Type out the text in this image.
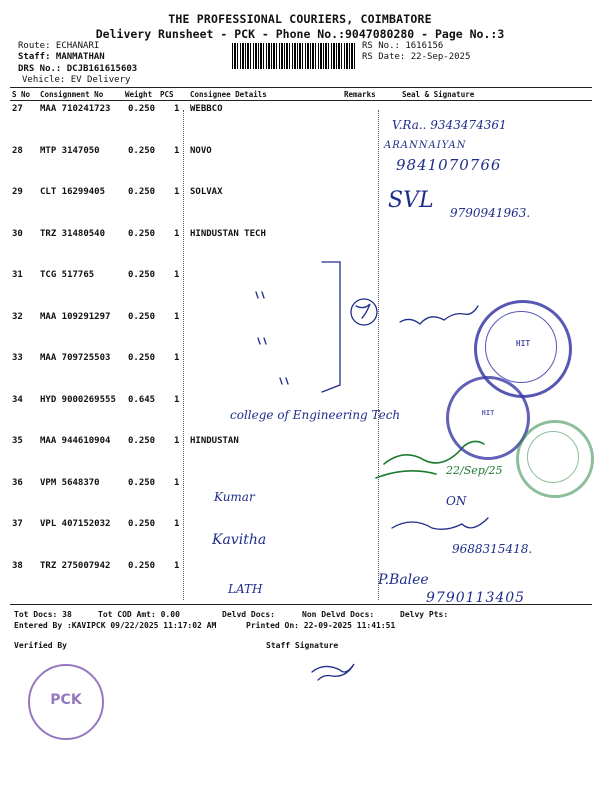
THE PROFESSIONAL COURIERS, COIMBATORE
Delivery Runsheet - PCK - Phone No.:9047080280 - Page No.:3
Route: ECHANARI
Staff: MANMATHAN
DRS No.: DCJB161615603
Vehicle: EV Delivery
RS No.: 1616156
RS Date: 22-Sep-2025
S No Consignment No	Weight PCS Consignee Details	Remarks	Seal & Signature
27 MAA 710241723 0.250 1 WEBBCO
28 MTP 3147050	0.250 1 NOVO
29 CLT 16299405	0.250 1 SOLVAX
30 TRZ 31480540	0.250 1 HINDUSTAN TECH
31 TCG 517765	0.250 1
32 MAA 109291297 0.250 1
33 MAA 709725503 0.250 1
34 HYD 9000269555 0.645 1
35 MAA 944610904 0.250 1 HINDUSTAN
36 VPM 5648370	0.250 1
37 VPL 407152032 0.250 1
38 TRZ 275007942 0.250 1
V.Ra.. 9343474361
ARANNAIYAN
9841070766
SVL 9790941963.
college of Engineering Tech
22/Sep/25
Kumar	ON
Kavitha
9688315418.
LATH
P.Balee
9790113405
HIT
HIT
Tot Docs: 38	Tot COD Amt: 0.00	Delvd Docs:	Non Delvd Docs:	Delvy Pts:
Entered By :KAVIPCK 09/22/2025 11:17:02 AM	Printed On: 22-09-2025 11:41:51
Verified By	Staff Signature
PCK
